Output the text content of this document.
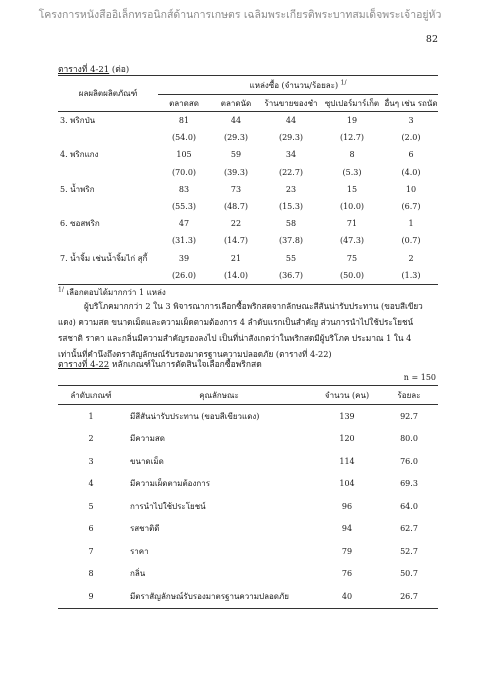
โครงการหนังสืออิเล็กทรอนิกส์ด้านการเกษตร เฉลิมพระเกียรติพระบาทสมเด็จพระเจ้าอยู่หัว
82
ตารางที่ 4-21 (ต่อ)
ผลผลิตผลิตภัณฑ์	แหล่งซื้อ (จำนวน/ร้อยละ) $^{1/}$
	ตลาดสด	ตลาดนัด	ร้านขายของชำ	ซุปเปอร์มาร์เก็ต	อื่นๆ เช่น รถนัด
3. พริกป่น	81	44	44	19	3
	(54.0)	(29.3)	(29.3)	(12.7)	(2.0)
4. พริกแกง	105	59	34	8	6
	(70.0)	(39.3)	(22.7)	(5.3)	(4.0)
5. น้ำพริก	83	73	23	15	10
	(55.3)	(48.7)	(15.3)	(10.0)	(6.7)
6. ซอสพริก	47	22	58	71	1
	(31.3)	(14.7)	(37.8)	(47.3)	(0.7)
7. น้ำจิ้ม เช่นน้ำจิ้มไก่ สุกี้	39	21	55	75	2
	(26.0)	(14.0)	(36.7)	(50.0)	(1.3)
$^{1/}$ เลือกตอบได้มากกว่า 1 แหล่ง
ผู้บริโภคมากกว่า 2 ใน 3 พิจารณาการเลือกซื้อพริกสดจากลักษณะสีสันน่ารับประทาน (ขอบสีเขียว
แดง) ความสด ขนาดเม็ดและความเผ็ดตามต้องการ 4 ลำดับแรกเป็นสำคัญ ส่วนการนำไปใช้ประโยชน์
รสชาติ ราคา และกลิ่นมีความสำคัญรองลงไป เป็นที่น่าสังเกตว่าในพริกสดมีผู้บริโภค ประมาณ 1 ใน 4
เท่านั้นที่คำนึงถึงตราสัญลักษณ์รับรองมาตรฐานความปลอดภัย (ตารางที่ 4-22)
ตารางที่ 4-22 หลักเกณฑ์ในการตัดสินใจเลือกซื้อพริกสด
n = 150
ลำดับเกณฑ์	คุณลักษณะ	จำนวน (คน)	ร้อยละ
1	มีสีสันน่ารับประทาน (ขอบสีเขียวแดง)	139	92.7
2	มีความสด	120	80.0
3	ขนาดเม็ด	114	76.0
4	มีความเผ็ดตามต้องการ	104	69.3
5	การนำไปใช้ประโยชน์	96	64.0
6	รสชาติดี	94	62.7
7	ราคา	79	52.7
8	กลิ่น	76	50.7
9	มีตราสัญลักษณ์รับรองมาตรฐานความปลอดภัย	40	26.7
